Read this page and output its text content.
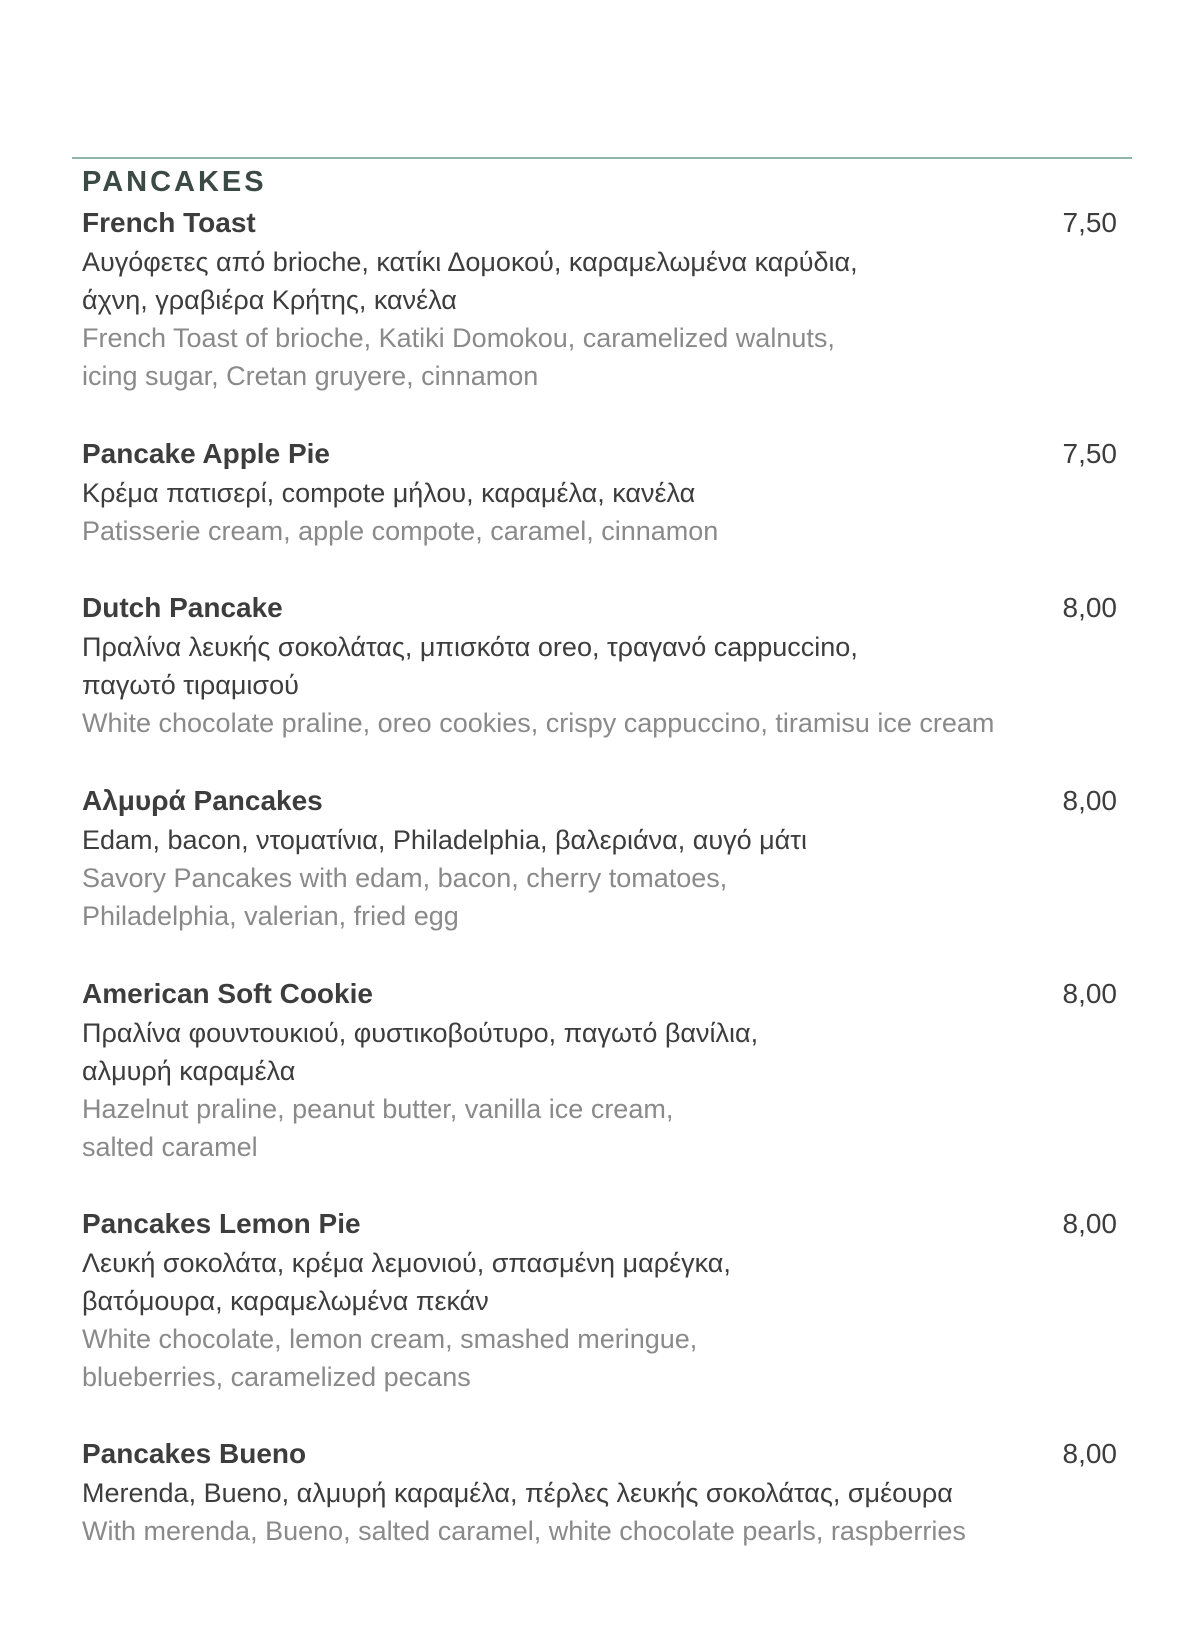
PANCAKES
French Toast	7,50
Αυγόφετες από brioche, κατίκι Δομοκού, καραμελωμένα καρύδια,
άχνη, γραβιέρα Κρήτης, κανέλα
French Toast of brioche, Katiki Domokou, caramelized walnuts,
icing sugar, Cretan gruyere, cinnamon
Pancake Apple Pie	7,50
Κρέμα πατισερί, compote μήλου, καραμέλα, κανέλα
Patisserie cream, apple compote, caramel, cinnamon
Dutch Pancake	8,00
Πραλίνα λευκής σοκολάτας, μπισκότα oreo, τραγανό cappuccino,
παγωτό τιραμισού
White chocolate praline, oreo cookies, crispy cappuccino, tiramisu ice cream
Αλμυρά Pancakes	8,00
Edam, bacon, ντοματίνια, Philadelphia, βαλεριάνα, αυγό μάτι
Savory Pancakes with edam, bacon, cherry tomatoes,
Philadelphia, valerian, fried egg
American Soft Cookie	8,00
Πραλίνα φουντουκιού, φυστικοβούτυρο, παγωτό βανίλια,
αλμυρή καραμέλα
Hazelnut praline, peanut butter, vanilla ice cream,
salted caramel
Pancakes Lemon Pie	8,00
Λευκή σοκολάτα, κρέμα λεμονιού, σπασμένη μαρέγκα,
βατόμουρα, καραμελωμένα πεκάν
White chocolate, lemon cream, smashed meringue,
blueberries, caramelized pecans
Pancakes Bueno	8,00
Merenda, Bueno, αλμυρή καραμέλα, πέρλες λευκής σοκολάτας, σμέουρα
With merenda, Bueno, salted caramel, white chocolate pearls, raspberries
